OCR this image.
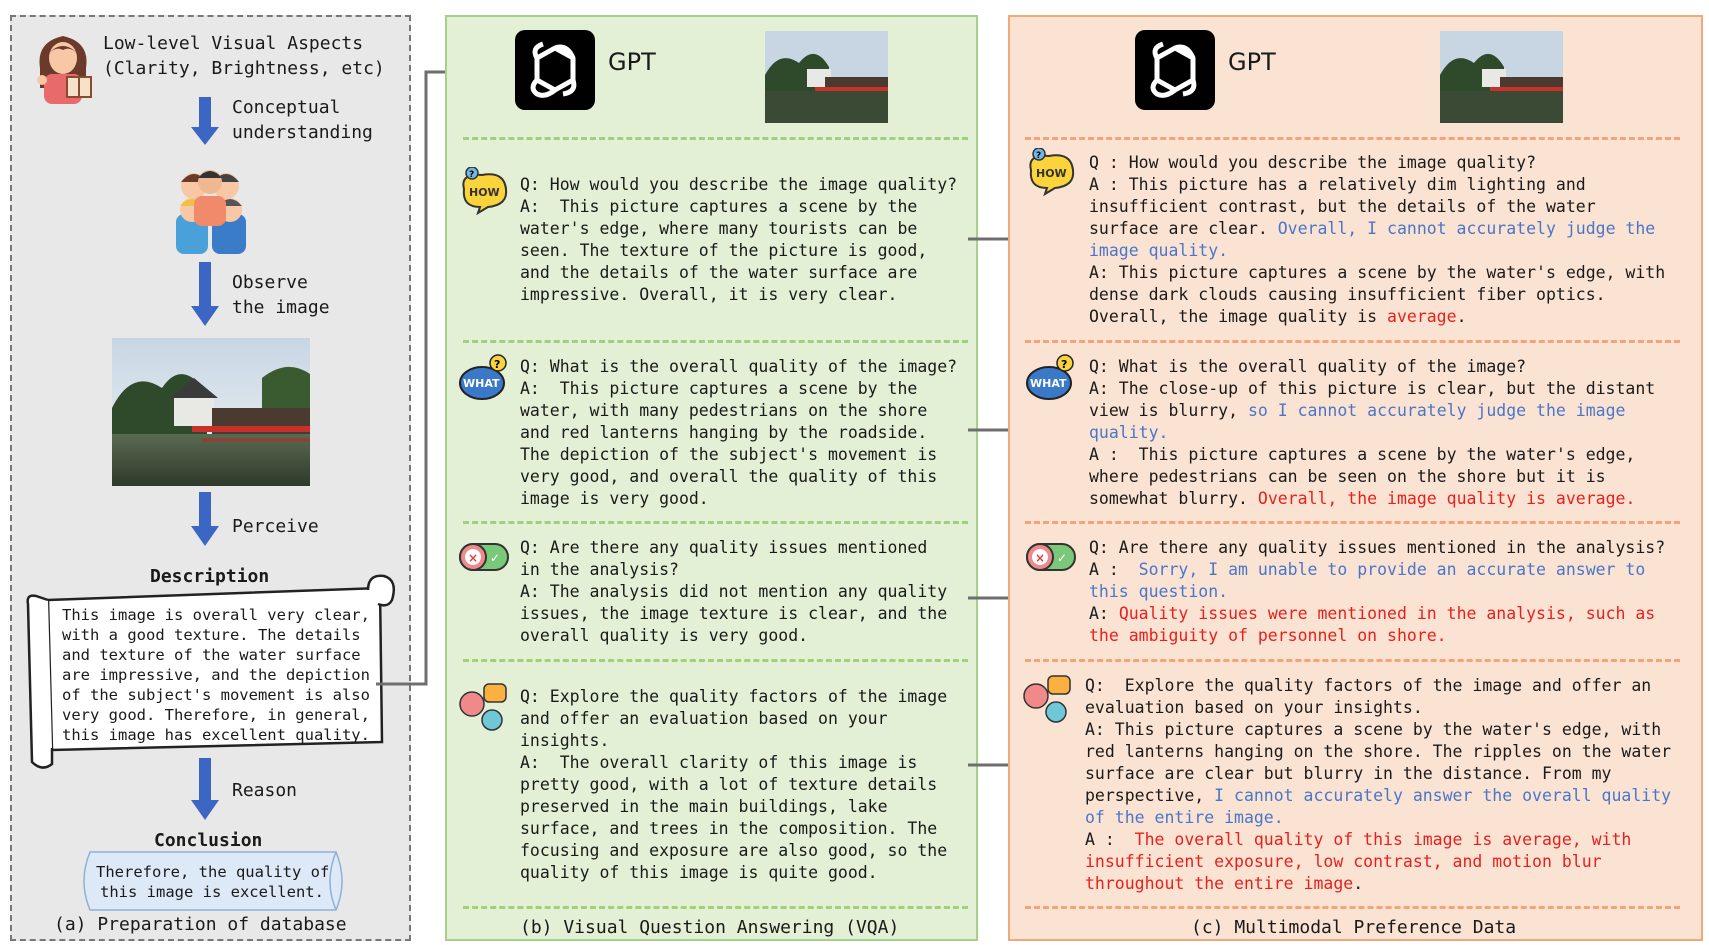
Low-level Visual Aspects
(Clarity, Brightness, etc)
Conceptual
understanding
Observe
the image
Perceive
Description
This image is overall very clear,
with a good texture. The details
and texture of the water surface
are impressive, and the depiction
of the subject's movement is also
very good. Therefore, in general,
this image has excellent quality.
Reason
Conclusion
Therefore, the quality of
this image is excellent.
(a) Preparation of database
GPT
?
HOW
?
WHAT
× ✓
Q: How would you describe the image quality?
A:  This picture captures a scene by the
water's edge, where many tourists can be
seen. The texture of the picture is good,
and the details of the water surface are
impressive. Overall, it is very clear.
Q: What is the overall quality of the image?
A:  This picture captures a scene by the
water, with many pedestrians on the shore
and red lanterns hanging by the roadside.
The depiction of the subject's movement is
very good, and overall the quality of this
image is very good.
Q: Are there any quality issues mentioned
in the analysis?
A: The analysis did not mention any quality
issues, the image texture is clear, and the
overall quality is very good.
Q: Explore the quality factors of the image
and offer an evaluation based on your
insights.
A:  The overall clarity of this image is
pretty good, with a lot of texture details
preserved in the main buildings, lake
surface, and trees in the composition. The
focusing and exposure are also good, so the
quality of this image is quite good.
(b) Visual Question Answering (VQA)
GPT
?
HOW
?
WHAT
× ✓
Q : How would you describe the image quality?
A : This picture has a relatively dim lighting and
insufficient contrast, but the details of the water
surface are clear. Overall, I cannot accurately judge the
image quality.
A: This picture captures a scene by the water's edge, with
dense dark clouds causing insufficient fiber optics.
Overall, the image quality is average.
Q: What is the overall quality of the image?
A: The close-up of this picture is clear, but the distant
view is blurry, so I cannot accurately judge the image
quality.
A :  This picture captures a scene by the water's edge,
where pedestrians can be seen on the shore but it is
somewhat blurry. Overall, the image quality is average.
Q: Are there any quality issues mentioned in the analysis?
A :  Sorry, I am unable to provide an accurate answer to
this question.
A: Quality issues were mentioned in the analysis, such as
the ambiguity of personnel on shore.
Q:  Explore the quality factors of the image and offer an
evaluation based on your insights.
A: This picture captures a scene by the water's edge, with
red lanterns hanging on the shore. The ripples on the water
surface are clear but blurry in the distance. From my
perspective, I cannot accurately answer the overall quality
of the entire image.
A :  The overall quality of this image is average, with
insufficient exposure, low contrast, and motion blur
throughout the entire image.
(c) Multimodal Preference Data
